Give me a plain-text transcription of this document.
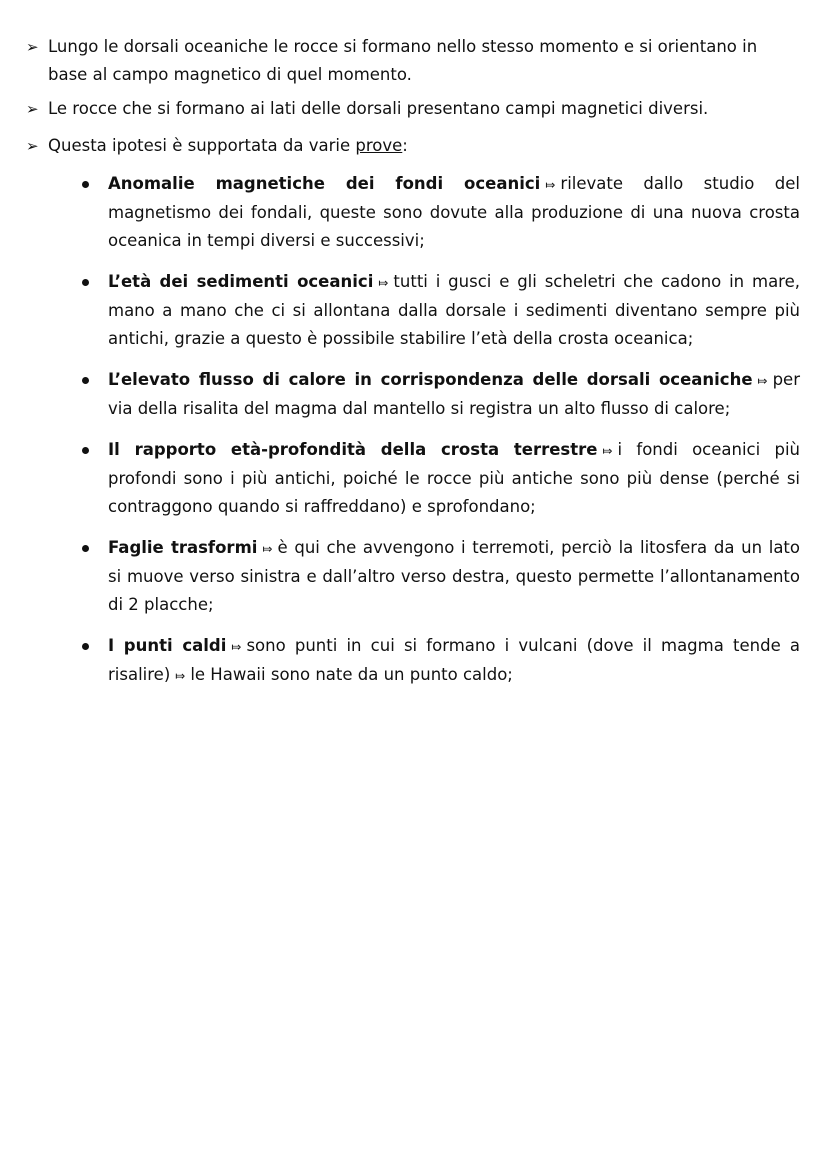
➢ Lungo le dorsali oceaniche le rocce si formano nello stesso momento e si orientano in base al campo magnetico di quel momento.
➢ Le rocce che si formano ai lati delle dorsali presentano campi magnetici diversi.
➢ Questa ipotesi è supportata da varie prove:
Anomalie magnetiche dei fondi oceanici ⤇ rilevate dallo studio del magnetismo dei fondali, queste sono dovute alla produzione di una nuova crosta oceanica in tempi diversi e successivi;
L’età dei sedimenti oceanici ⤇ tutti i gusci e gli scheletri che cadono in mare, mano a mano che ci si allontana dalla dorsale i sedimenti diventano sempre più antichi, grazie a questo è possibile stabilire l’età della crosta oceanica;
L’elevato flusso di calore in corrispondenza delle dorsali oceaniche ⤇ per via della risalita del magma dal mantello si registra un alto flusso di calore;
Il rapporto età-profondità della crosta terrestre ⤇ i fondi oceanici più profondi sono i più antichi, poiché le rocce più antiche sono più dense (perché si contraggono quando si raffreddano) e sprofondano;
Faglie trasformi ⤇ è qui che avvengono i terremoti, perciò la litosfera da un lato si muove verso sinistra e dall’altro verso destra, questo permette l’allontanamento di 2 placche;
I punti caldi ⤇ sono punti in cui si formano i vulcani (dove il magma tende a risalire) ⤇ le Hawaii sono nate da un punto caldo;
